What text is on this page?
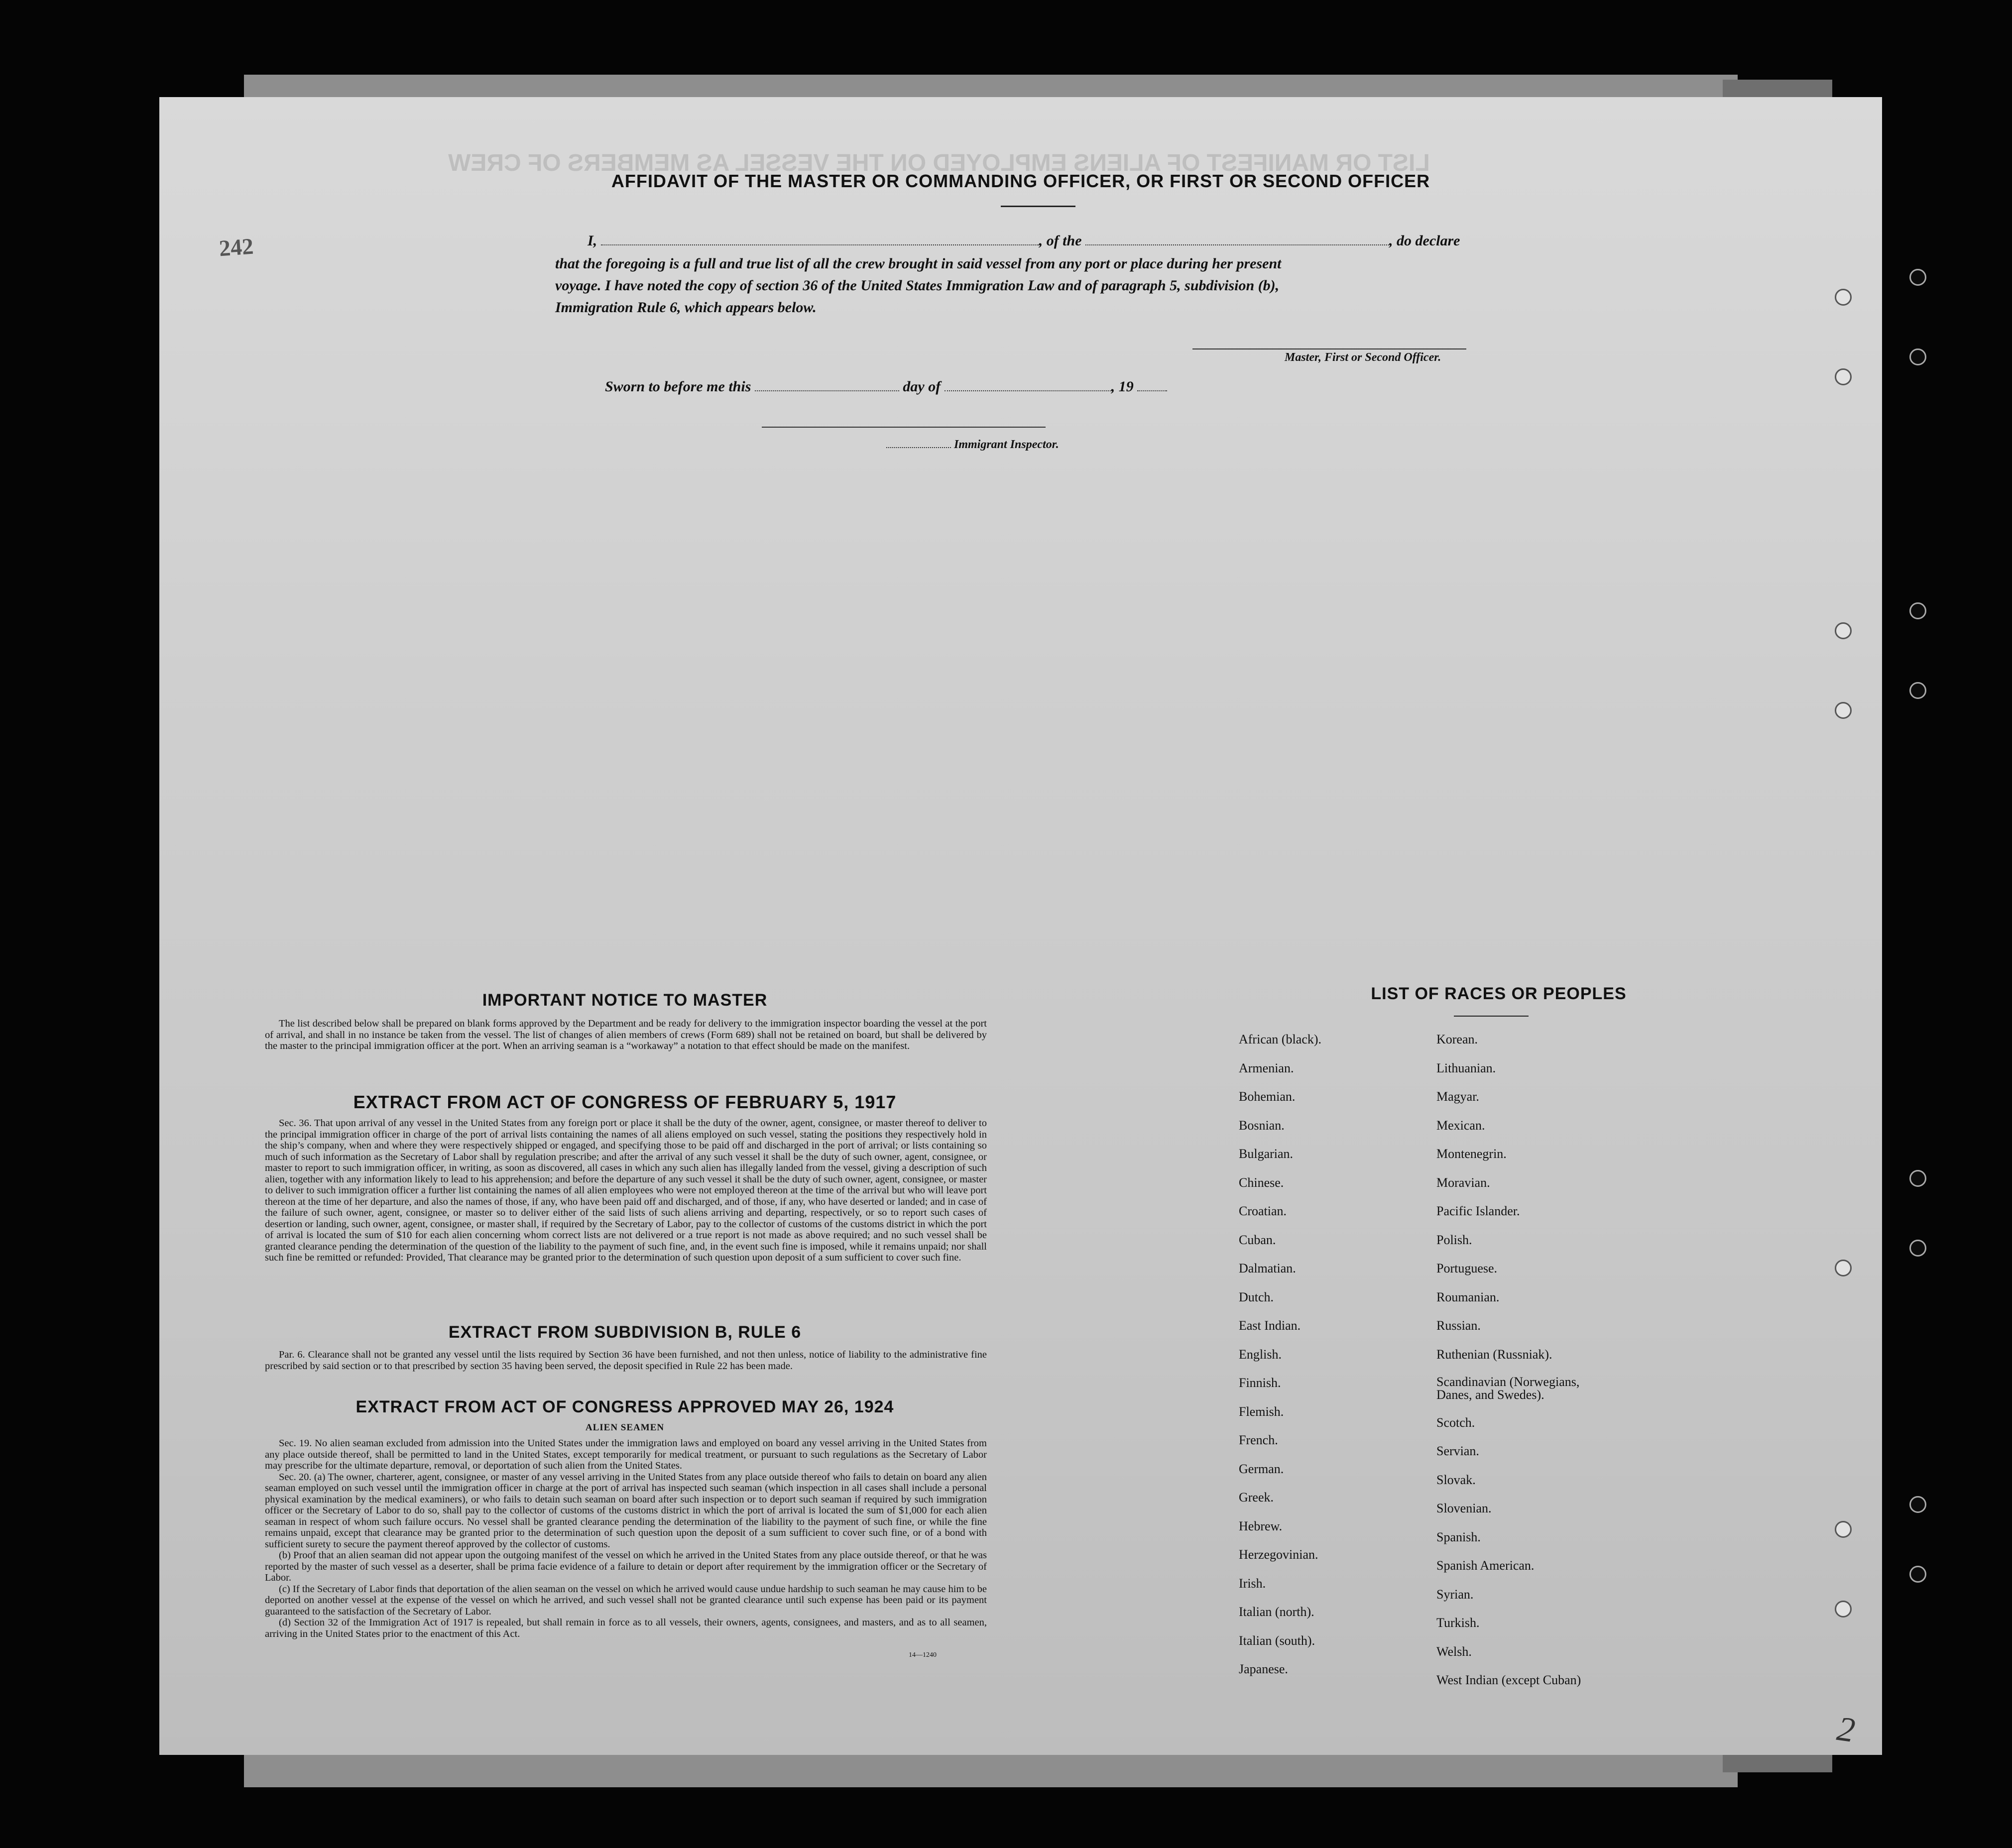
LIST OR MANIFEST OF ALIENS EMPLOYED ON THE VESSEL AS MEMBERS OF CREW
242
2
AFFIDAVIT OF THE MASTER OR COMMANDING OFFICER, OR FIRST OR SECOND OFFICER
I,	, of the	, do declare
that the foregoing is a full and true list of all the crew brought in said vessel from any port or place during her present
voyage. I have noted the copy of section 36 of the United States Immigration Law and of paragraph 5, subdivision (b),
Immigration Rule 6, which appears below.
Master, First or Second Officer.
Sworn to before me this	day of	, 19
Immigrant Inspector.
IMPORTANT NOTICE TO MASTER

The list described below shall be prepared on blank forms approved by the Department and be ready for delivery to the immigration inspector boarding the vessel at the port of arrival, and shall in no instance be taken from the vessel. The list of changes of alien members of crews (Form 689) shall not be retained on board, but shall be delivered by the master to the principal immigration officer at the port. When an arriving seaman is a “workaway” a notation to that effect should be made on the manifest.

EXTRACT FROM ACT OF CONGRESS OF FEBRUARY 5, 1917

Sec. 36. That upon arrival of any vessel in the United States from any foreign port or place it shall be the duty of the owner, agent, consignee, or master thereof to deliver to the principal immigration officer in charge of the port of arrival lists containing the names of all aliens employed on such vessel, stating the positions they respectively hold in the ship’s company, when and where they were respectively shipped or engaged, and specifying those to be paid off and discharged in the port of arrival; or lists containing so much of such information as the Secretary of Labor shall by regulation prescribe; and after the arrival of any such vessel it shall be the duty of such owner, agent, consignee, or master to report to such immigration officer, in writing, as soon as discovered, all cases in which any such alien has illegally landed from the vessel, giving a description of such alien, together with any information likely to lead to his apprehension; and before the departure of any such vessel it shall be the duty of such owner, agent, consignee, or master to deliver to such immigration officer a further list containing the names of all alien employees who were not employed thereon at the time of the arrival but who will leave port thereon at the time of her departure, and also the names of those, if any, who have been paid off and discharged, and of those, if any, who have deserted or landed; and in case of the failure of such owner, agent, consignee, or master so to deliver either of the said lists of such aliens arriving and departing, respectively, or so to report such cases of desertion or landing, such owner, agent, consignee, or master shall, if required by the Secretary of Labor, pay to the collector of customs of the customs district in which the port of arrival is located the sum of $10 for each alien concerning whom correct lists are not delivered or a true report is not made as above required; and no such vessel shall be granted clearance pending the determination of the question of the liability to the payment of such fine, and, in the event such fine is imposed, while it remains unpaid; nor shall such fine be remitted or refunded: Provided, That clearance may be granted prior to the determination of such question upon deposit of a sum sufficient to cover such fine.

EXTRACT FROM SUBDIVISION B, RULE 6

Par. 6. Clearance shall not be granted any vessel until the lists required by Section 36 have been furnished, and not then unless, notice of liability to the administrative fine prescribed by said section or to that prescribed by section 35 having been served, the deposit specified in Rule 22 has been made.

EXTRACT FROM ACT OF CONGRESS APPROVED MAY 26, 1924
ALIEN SEAMEN

Sec. 19. No alien seaman excluded from admission into the United States under the immigration laws and employed on board any vessel arriving in the United States from any place outside thereof, shall be permitted to land in the United States, except temporarily for medical treatment, or pursuant to such regulations as the Secretary of Labor may prescribe for the ultimate departure, removal, or deportation of such alien from the United States.

Sec. 20. (a) The owner, charterer, agent, consignee, or master of any vessel arriving in the United States from any place outside thereof who fails to detain on board any alien seaman employed on such vessel until the immigration officer in charge at the port of arrival has inspected such seaman (which inspection in all cases shall include a personal physical examination by the medical examiners), or who fails to detain such seaman on board after such inspection or to deport such seaman if required by such immigration officer or the Secretary of Labor to do so, shall pay to the collector of customs of the customs district in which the port of arrival is located the sum of $1,000 for each alien seaman in respect of whom such failure occurs. No vessel shall be granted clearance pending the determination of the liability to the payment of such fine, or while the fine remains unpaid, except that clearance may be granted prior to the determination of such question upon the deposit of a sum sufficient to cover such fine, or of a bond with sufficient surety to secure the payment thereof approved by the collector of customs.

(b) Proof that an alien seaman did not appear upon the outgoing manifest of the vessel on which he arrived in the United States from any place outside thereof, or that he was reported by the master of such vessel as a deserter, shall be prima facie evidence of a failure to detain or deport after requirement by the immigration officer or the Secretary of Labor.

(c) If the Secretary of Labor finds that deportation of the alien seaman on the vessel on which he arrived would cause undue hardship to such seaman he may cause him to be deported on another vessel at the expense of the vessel on which he arrived, and such vessel shall not be granted clearance until such expense has been paid or its payment guaranteed to the satisfaction of the Secretary of Labor.

(d) Section 32 of the Immigration Act of 1917 is repealed, but shall remain in force as to all vessels, their owners, agents, consignees, and masters, and as to all seamen, arriving in the United States prior to the enactment of this Act.

14—1240
LIST OF RACES OR PEOPLES
African (black).
Armenian.
Bohemian.
Bosnian.
Bulgarian.
Chinese.
Croatian.
Cuban.
Dalmatian.
Dutch.
East Indian.
English.
Finnish.
Flemish.
French.
German.
Greek.
Hebrew.
Herzegovinian.
Irish.
Italian (north).
Italian (south).
Japanese.
Korean.
Lithuanian.
Magyar.
Mexican.
Montenegrin.
Moravian.
Pacific Islander.
Polish.
Portuguese.
Roumanian.
Russian.
Ruthenian (Russniak).
Scandinavian (Norwegians, Danes, and Swedes).
Scotch.
Servian.
Slovak.
Slovenian.
Spanish.
Spanish American.
Syrian.
Turkish.
Welsh.
West Indian (except Cuban)
